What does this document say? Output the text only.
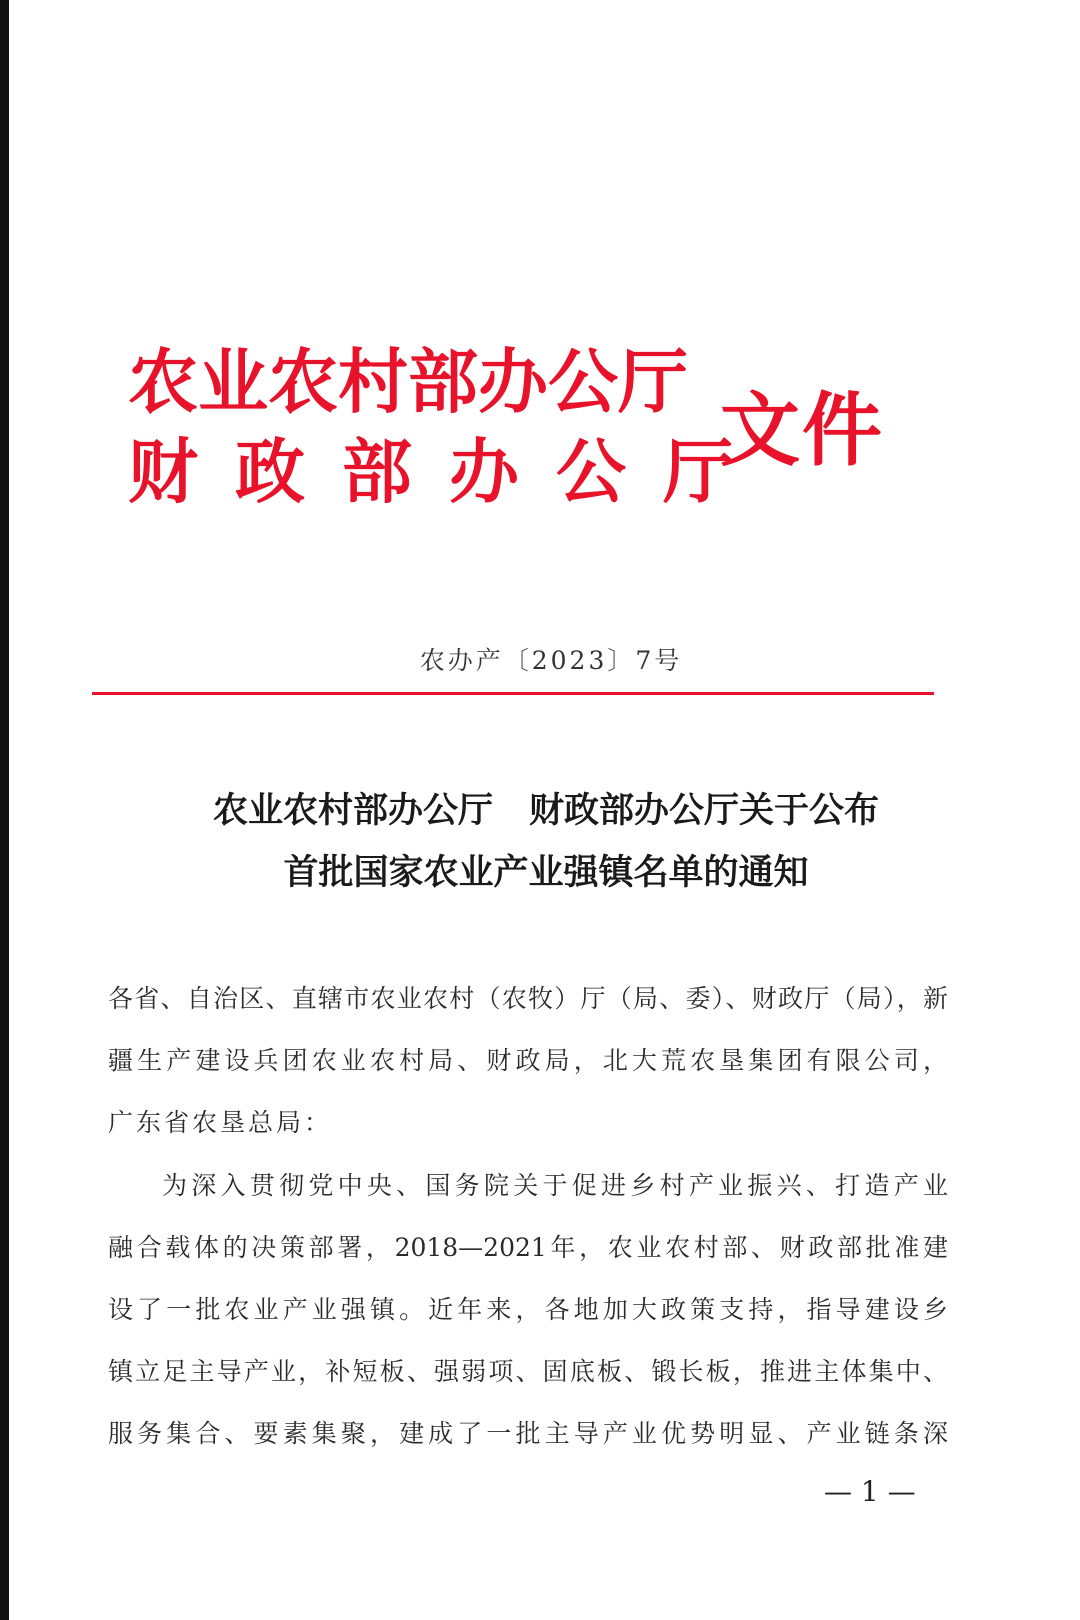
农业农村部办公厅
财政部办公厅
文件
农办产〔2023〕7号
农业农村部办公厅 财政部办公厅关于公布
首批国家农业产业强镇名单的通知
各省、自治区、直辖市农业农村（农牧）厅（局、委）、财政厅（局），新
疆生产建设兵团农业农村局、财政局，北大荒农垦集团有限公司，
广东省农垦总局：
为深入贯彻党中央、国务院关于促进乡村产业振兴、打造产业
融合载体的决策部署，2018—2021年，农业农村部、财政部批准建
设了一批农业产业强镇。近年来，各地加大政策支持，指导建设乡
镇立足主导产业，补短板、强弱项、固底板、锻长板，推进主体集中、
服务集合、要素集聚，建成了一批主导产业优势明显、产业链条深
— 1 —
